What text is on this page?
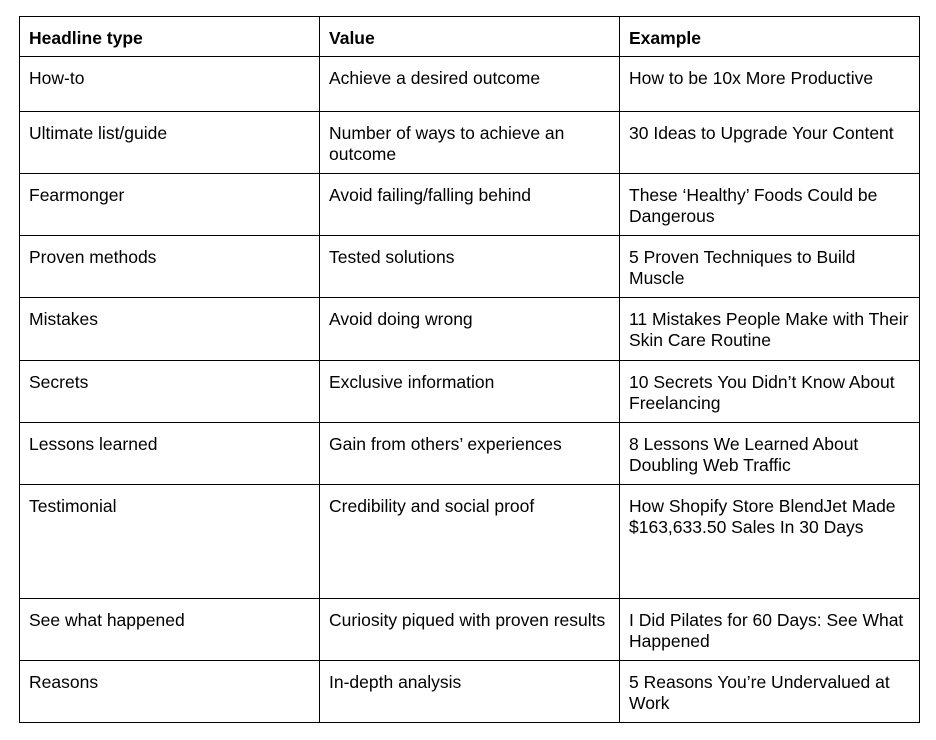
Headline type	Value	Example
How-to	Achieve a desired outcome	How to be 10x More Productive
Ultimate list/guide	Number of ways to achieve an outcome	30 Ideas to Upgrade Your Content
Fearmonger	Avoid failing/falling behind	These ‘Healthy’ Foods Could be Dangerous
Proven methods	Tested solutions	5 Proven Techniques to Build Muscle
Mistakes	Avoid doing wrong	11 Mistakes People Make with Their Skin Care Routine
Secrets	Exclusive information	10 Secrets You Didn’t Know About Freelancing
Lessons learned	Gain from others’ experiences	8 Lessons We Learned About Doubling Web Traffic
Testimonial	Credibility and social proof	How Shopify Store BlendJet Made $163,633.50 Sales In 30 Days
See what happened	Curiosity piqued with proven results	I Did Pilates for 60 Days: See What Happened
Reasons	In-depth analysis	5 Reasons You’re Undervalued at Work
